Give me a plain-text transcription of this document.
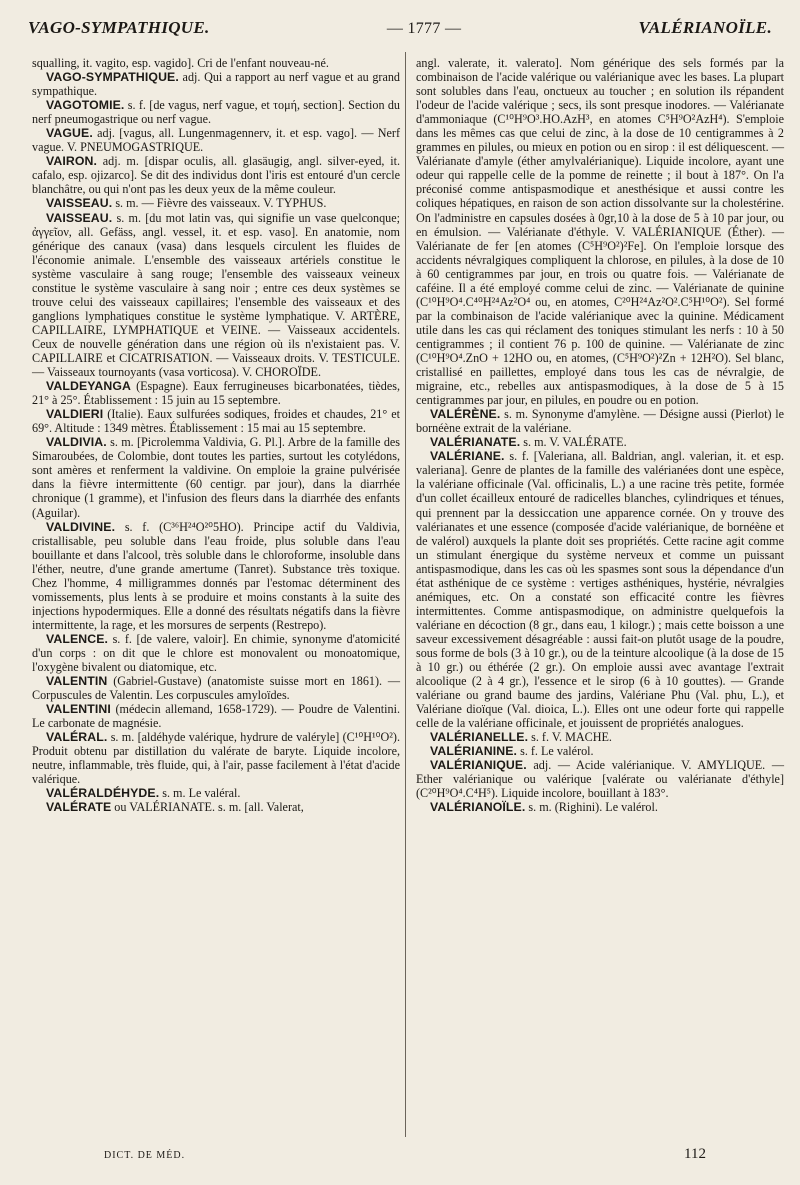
VAGO-SYMPATHIQUE.	— 1777 —	VALÉRIANOÏLE.

squalling, it. vagito, esp. vagido]. Cri de l'enfant nouveau-né.

VAGO-SYMPATHIQUE. adj. Qui a rapport au nerf vague et au grand sympathique.

VAGOTOMIE. s. f. [de vagus, nerf vague, et τομή, section]. Section du nerf pneumogastrique ou nerf vague.

VAGUE. adj. [vagus, all. Lungenmagennerv, it. et esp. vago]. — Nerf vague. V. PNEUMOGASTRIQUE.

VAIRON. adj. m. [dispar oculis, all. glasäugig, angl. silver-eyed, it. cafalo, esp. ojizarco]. Se dit des individus dont l'iris est entouré d'un cercle blanchâtre, ou qui n'ont pas les deux yeux de la même couleur.

VAISSEAU. s. m. — Fièvre des vaisseaux. V. TYPHUS.

VAISSEAU. s. m. [du mot latin vas, qui signifie un vase quelconque; ἀγγεῖον, all. Gefäss, angl. vessel, it. et esp. vaso]. En anatomie, nom générique des canaux (vasa) dans lesquels circulent les fluides de l'économie animale. L'ensemble des vaisseaux artériels constitue le système vasculaire à sang rouge; l'ensemble des vaisseaux veineux constitue le système vasculaire à sang noir ; entre ces deux systèmes se trouve celui des vaisseaux capillaires; l'ensemble des vaisseaux et des ganglions lymphatiques constitue le système lymphatique. V. ARTÈRE, CAPILLAIRE, LYMPHATIQUE et VEINE. — Vaisseaux accidentels. Ceux de nouvelle génération dans une région où ils n'existaient pas. V. CAPILLAIRE et CICATRISATION. — Vaisseaux droits. V. TESTICULE. — Vaisseaux tournoyants (vasa vorticosa). V. CHOROÏDE.

VALDEYANGA (Espagne). Eaux ferrugineuses bicarbonatées, tièdes, 21° à 25°. Établissement : 15 juin au 15 septembre.

VALDIERI (Italie). Eaux sulfurées sodiques, froides et chaudes, 21° et 69°. Altitude : 1349 mètres. Établissement : 15 mai au 15 septembre.

VALDIVIA. s. m. [Picrolemma Valdivia, G. Pl.]. Arbre de la famille des Simaroubées, de Colombie, dont toutes les parties, surtout les cotylédons, sont amères et renferment la valdivine. On emploie la graine pulvérisée dans la fièvre intermittente (60 centigr. par jour), dans la diarrhée chronique (1 gramme), et l'infusion des fleurs dans la diarrhée des enfants (Aguilar).

VALDIVINE. s. f. (C³⁶H²⁴O²⁰5HO). Principe actif du Valdivia, cristallisable, peu soluble dans l'eau froide, plus soluble dans l'eau bouillante et dans l'alcool, très soluble dans le chloroforme, insoluble dans l'éther, neutre, d'une grande amertume (Tanret). Substance très toxique. Chez l'homme, 4 milligrammes donnés par l'estomac déterminent des vomissements, plus lents à se produire et moins constants à la suite des injections hypodermiques. Elle a donné des résultats négatifs dans la fièvre intermittente, la rage, et les morsures de serpents (Restrepo).

VALENCE. s. f. [de valere, valoir]. En chimie, synonyme d'atomicité d'un corps : on dit que le chlore est monovalent ou monoatomique, l'oxygène bivalent ou diatomique, etc.

VALENTIN (Gabriel-Gustave) (anatomiste suisse mort en 1861). — Corpuscules de Valentin. Les corpuscules amyloïdes.

VALENTINI (médecin allemand, 1658-1729). — Poudre de Valentini. Le carbonate de magnésie.

VALÉRAL. s. m. [aldéhyde valérique, hydrure de valéryle] (C¹⁰H¹⁰O²). Produit obtenu par distillation du valérate de baryte. Liquide incolore, neutre, inflammable, très fluide, qui, à l'air, passe facilement à l'état d'acide valérique.

VALÉRALDÉHYDE. s. m. Le valéral.

VALÉRATE ou VALÉRIANATE. s. m. [all. Valerat,

angl. valerate, it. valerato]. Nom générique des sels formés par la combinaison de l'acide valérique ou valérianique avec les bases. La plupart sont solubles dans l'eau, onctueux au toucher ; en solution ils répandent l'odeur de l'acide valérique ; secs, ils sont presque inodores. — Valérianate d'ammoniaque (C¹⁰H⁹O³.HO.AzH³, en atomes C⁵H⁹O²AzH⁴). S'emploie dans les mêmes cas que celui de zinc, à la dose de 10 centigrammes à 2 grammes en pilules, ou mieux en potion ou en sirop : il est déliquescent. — Valérianate d'amyle (éther amylvalérianique). Liquide incolore, ayant une odeur qui rappelle celle de la pomme de reinette ; il bout à 187°. On l'a préconisé comme antispasmodique et anesthésique et aussi contre les coliques hépatiques, en raison de son action dissolvante sur la cholestérine. On l'administre en capsules dosées à 0gr,10 à la dose de 5 à 10 par jour, ou en émulsion. — Valérianate d'éthyle. V. VALÉRIANIQUE (Éther). — Valérianate de fer [en atomes (C⁵H⁹O²)²Fe]. On l'emploie lorsque des accidents névralgiques compliquent la chlorose, en pilules, à la dose de 10 à 60 centigrammes par jour, en trois ou quatre fois. — Valérianate de caféine. Il a été employé comme celui de zinc. — Valérianate de quinine (C¹⁰H⁹O⁴.C⁴⁰H²⁴Az²O⁴ ou, en atomes, C²⁰H²⁴Az²O².C⁵H¹⁰O²). Sel formé par la combinaison de l'acide valérianique avec la quinine. Médicament utile dans les cas qui réclament des toniques stimulant les nerfs : 10 à 50 centigrammes ; il contient 76 p. 100 de quinine. — Valérianate de zinc (C¹⁰H⁹O⁴.ZnO + 12HO ou, en atomes, (C⁵H⁹O²)²Zn + 12H²O). Sel blanc, cristallisé en paillettes, employé dans tous les cas de névralgie, de migraine, etc., rebelles aux antispasmodiques, à la dose de 5 à 15 centigrammes par jour, en pilules, en poudre ou en potion.

VALÉRÈNE. s. m. Synonyme d'amylène. — Désigne aussi (Pierlot) le bornéène extrait de la valériane.

VALÉRIANATE. s. m. V. VALÉRATE.

VALÉRIANE. s. f. [Valeriana, all. Baldrian, angl. valerian, it. et esp. valeriana]. Genre de plantes de la famille des valérianées dont une espèce, la valériane officinale (Val. officinalis, L.) a une racine très petite, formée d'un collet écailleux entouré de radicelles blanches, cylindriques et ténues, qui prennent par la dessiccation une apparence cornée. On y trouve des valérianates et une essence (composée d'acide valérianique, de bornéène et de valérol) auxquels la plante doit ses propriétés. Cette racine agit comme un stimulant énergique du système nerveux et comme un puissant antispasmodique, dans les cas où les spasmes sont sous la dépendance d'un état asthénique de ce système : vertiges asthéniques, hystérie, névralgies anémiques, etc. On a constaté son efficacité contre les fièvres intermittentes. Comme antispasmodique, on administre quelquefois la valériane en décoction (8 gr., dans eau, 1 kilogr.) ; mais cette boisson a une saveur excessivement désagréable : aussi fait-on plutôt usage de la poudre, sous forme de bols (3 à 10 gr.), ou de la teinture alcoolique (à la dose de 15 à 10 gr.) ou éthérée (2 gr.). On emploie aussi avec avantage l'extrait alcoolique (2 à 4 gr.), l'essence et le sirop (6 à 10 gouttes). — Grande valériane ou grand baume des jardins, Valériane Phu (Val. phu, L.), et Valériane dioïque (Val. dioica, L.). Elles ont une odeur forte qui rappelle celle de la valériane officinale, et jouissent de propriétés analogues.

VALÉRIANELLE. s. f. V. MACHE.

VALÉRIANINE. s. f. Le valérol.

VALÉRIANIQUE. adj. — Acide valérianique. V. AMYLIQUE. — Ether valérianique ou valérique [valérate ou valérianate d'éthyle] (C²⁰H⁹O⁴.C⁴H⁵). Liquide incolore, bouillant à 183°.

VALÉRIANOÏLE. s. m. (Righini). Le valérol.

DICT. DE MÉD.	112
